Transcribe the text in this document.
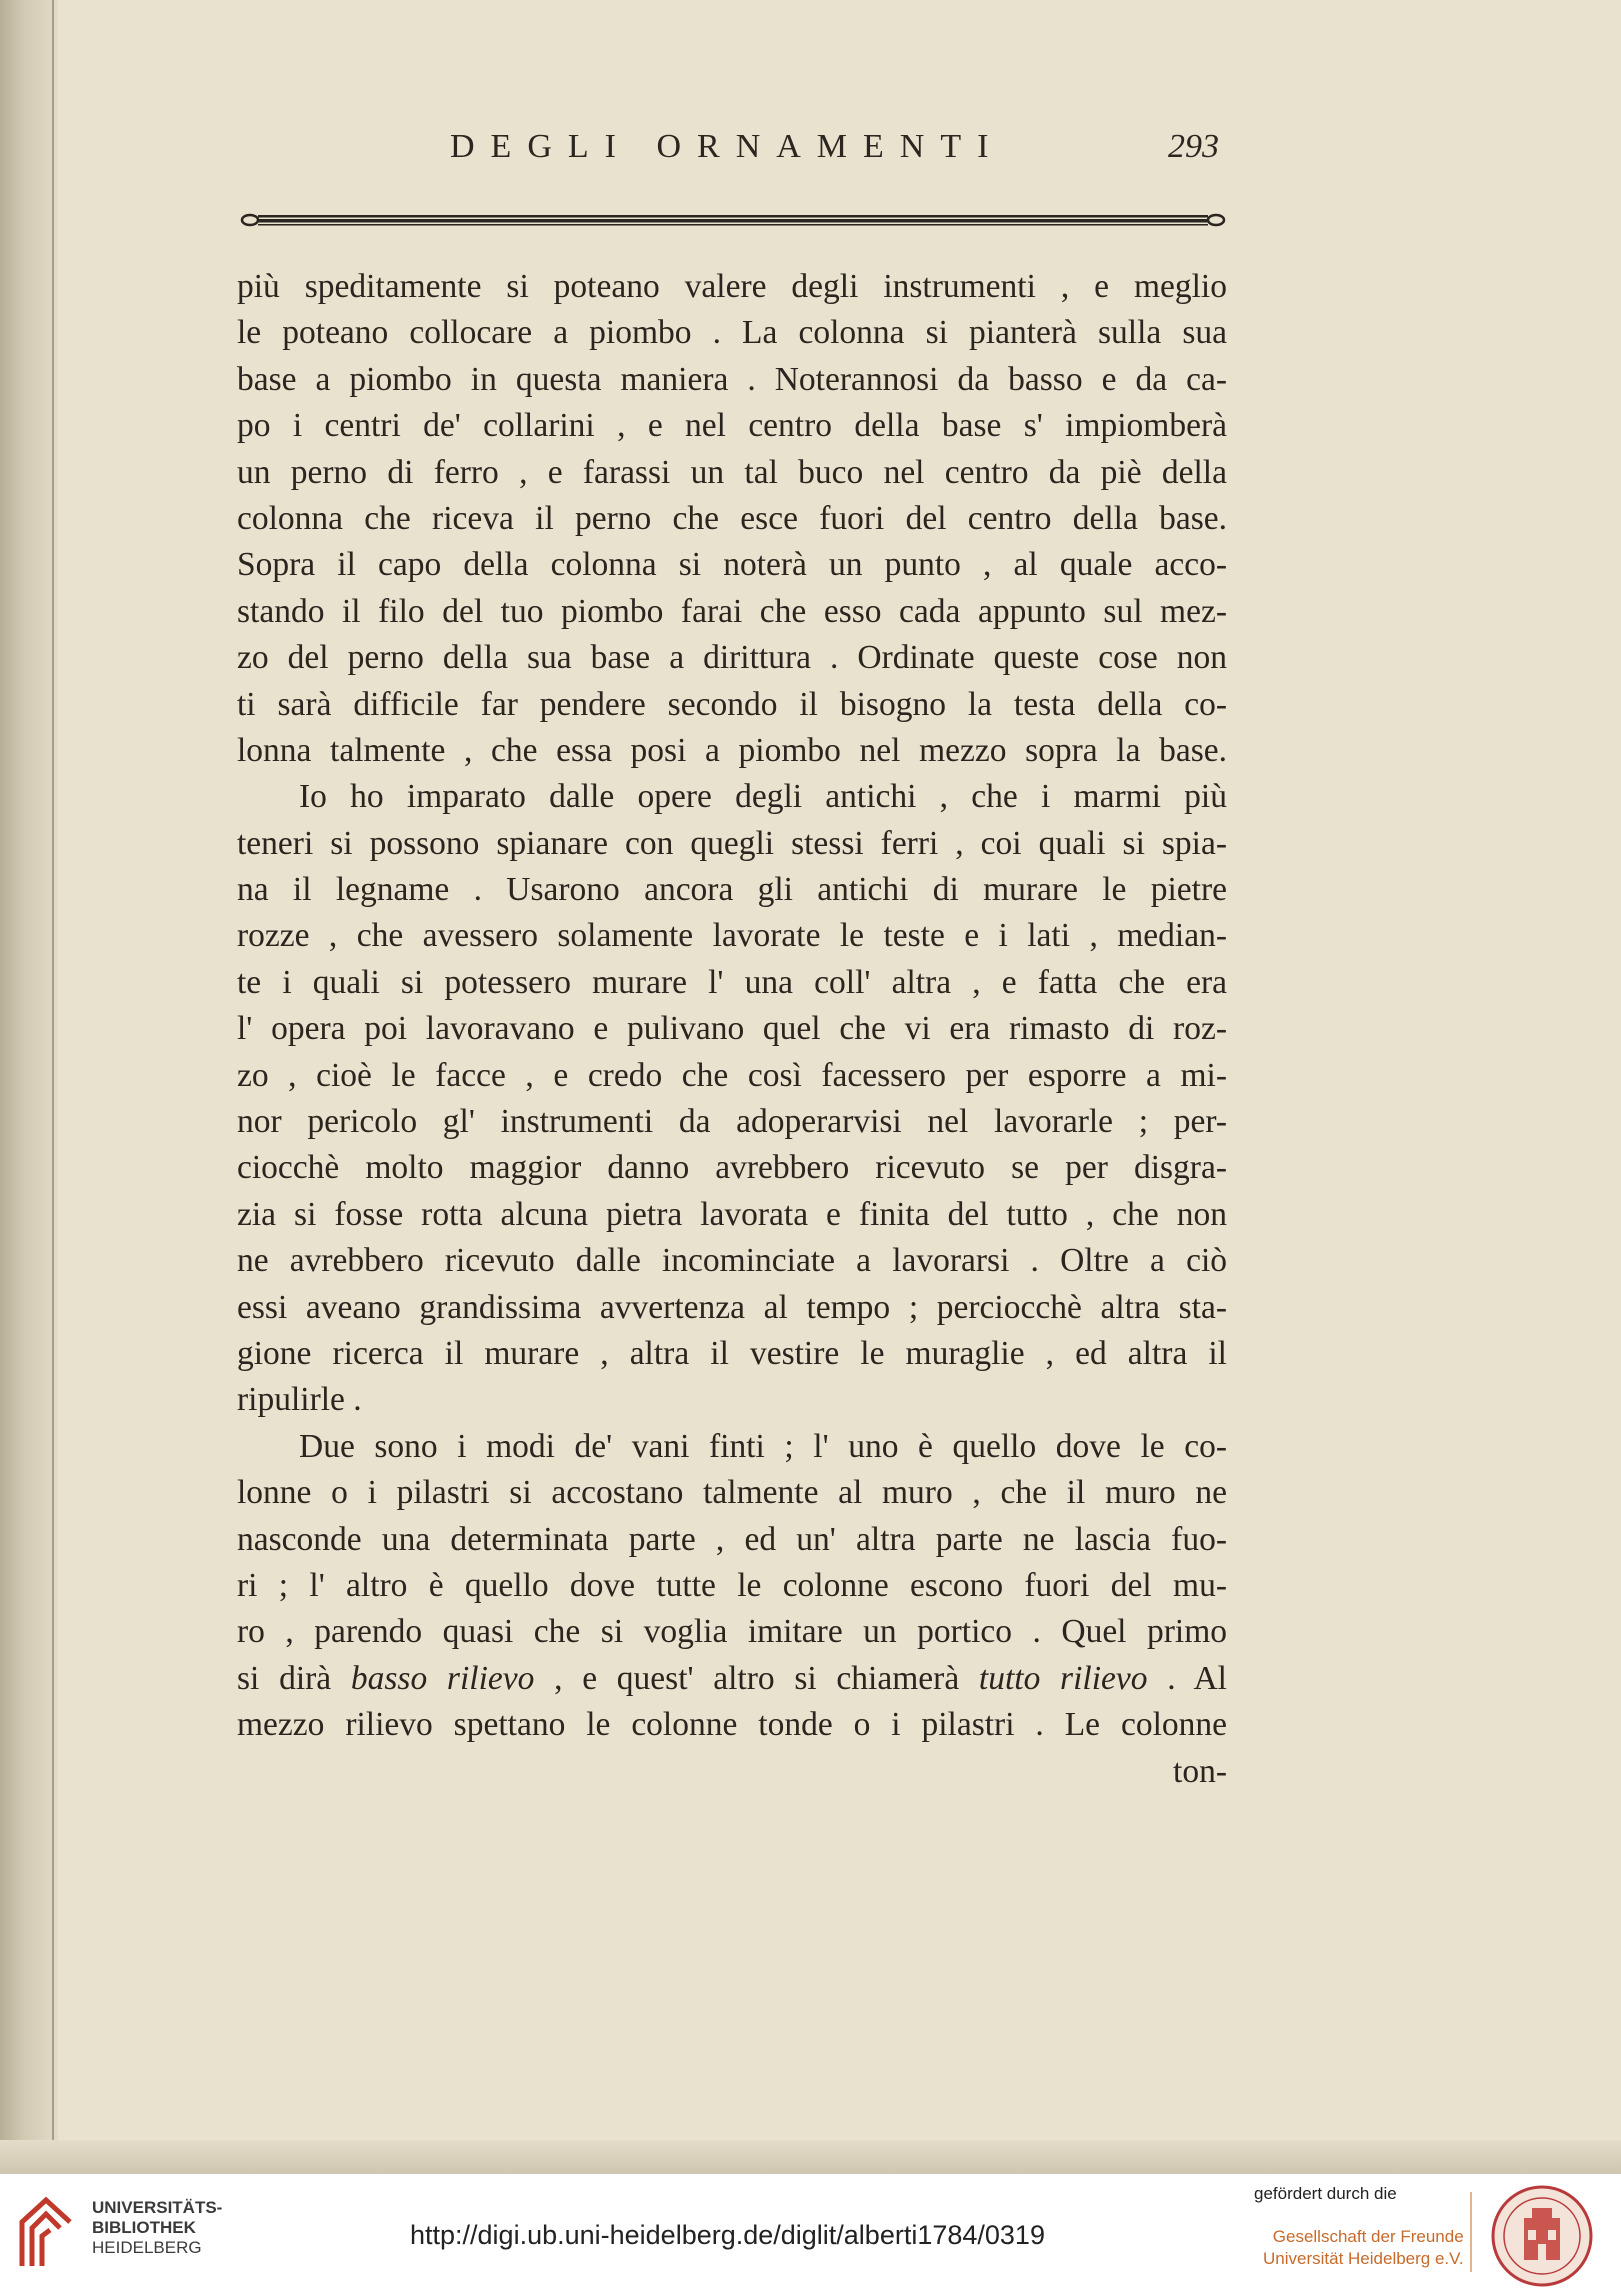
DEGLI ORNAMENTI	293
più speditamente si poteano valere degli instrumenti , e meglio
le poteano collocare a piombo . La colonna si pianterà sulla sua
base a piombo in questa maniera . Noterannosi da basso e da ca-
po i centri de' collarini , e nel centro della base s' impiomberà
un perno di ferro , e farassi un tal buco nel centro da piè della
colonna che riceva il perno che esce fuori del centro della base.
Sopra il capo della colonna si noterà un punto , al quale acco-
stando il filo del tuo piombo farai che esso cada appunto sul mez-
zo del perno della sua base a dirittura . Ordinate queste cose non
ti sarà difficile far pendere secondo il bisogno la testa della co-
lonna talmente , che essa posi a piombo nel mezzo sopra la base.
Io ho imparato dalle opere degli antichi , che i marmi più
teneri si possono spianare con quegli stessi ferri , coi quali si spia-
na il legname . Usarono ancora gli antichi di murare le pietre
rozze , che avessero solamente lavorate le teste e i lati , median-
te i quali si potessero murare l' una coll' altra , e fatta che era
l' opera poi lavoravano e pulivano quel che vi era rimasto di roz-
zo , cioè le facce , e credo che così facessero per esporre a mi-
nor pericolo gl' instrumenti da adoperarvisi nel lavorarle ; per-
ciocchè molto maggior danno avrebbero ricevuto se per disgra-
zia si fosse rotta alcuna pietra lavorata e finita del tutto , che non
ne avrebbero ricevuto dalle incominciate a lavorarsi . Oltre a ciò
essi aveano grandissima avvertenza al tempo ; perciocchè altra sta-
gione ricerca il murare , altra il vestire le muraglie , ed altra il
ripulirle .
Due sono i modi de' vani finti ; l' uno è quello dove le co-
lonne o i pilastri si accostano talmente al muro , che il muro ne
nasconde una determinata parte , ed un' altra parte ne lascia fuo-
ri ; l' altro è quello dove tutte le colonne escono fuori del mu-
ro , parendo quasi che si voglia imitare un portico . Quel primo
si dirà basso rilievo , e quest' altro si chiamerà tutto rilievo . Al
mezzo rilievo spettano le colonne tonde o i pilastri . Le colonne
ton-
UNIVERSITÄTS-
BIBLIOTHEK
HEIDELBERG	http://digi.ub.uni-heidelberg.de/diglit/alberti1784/0319
gefördert durch die
Gesellschaft der Freunde
Universität Heidelberg e.V.
